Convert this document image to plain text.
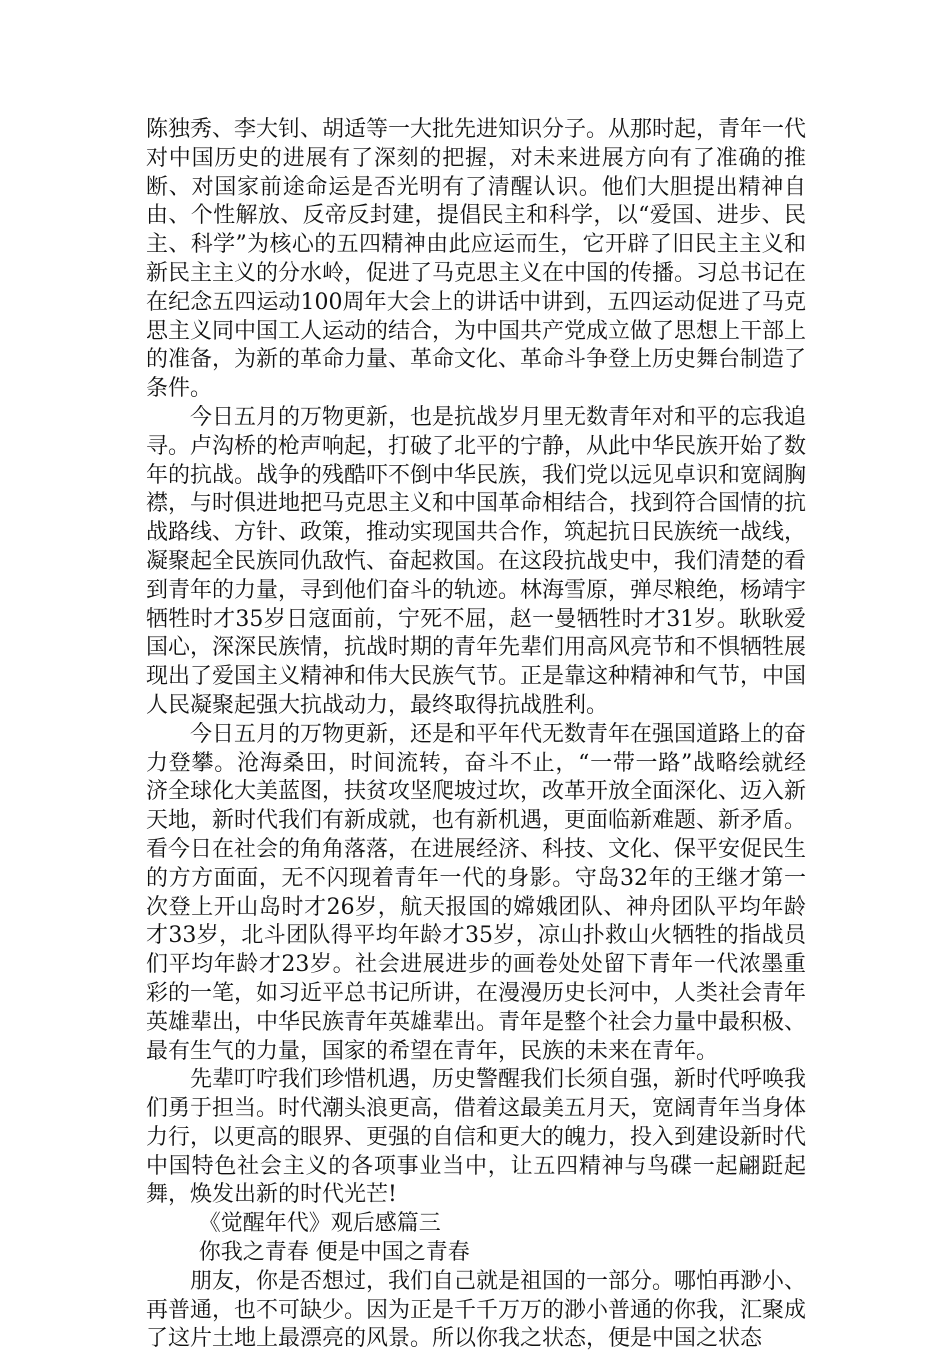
陈独秀、李大钊、胡适等一大批先进知识分子。从那时起，青年一代对中国历史的进展有了深刻的把握，对未来进展方向有了准确的推断、对国家前途命运是否光明有了清醒认识。他们大胆提出精神自由、个性解放、反帝反封建，提倡民主和科学，以“爱国、进步、民主、科学”为核心的五四精神由此应运而生，它开辟了旧民主主义和新民主主义的分水岭，促进了马克思主义在中国的传播。习总书记在在纪念五四运动100周年大会上的讲话中讲到，五四运动促进了马克思主义同中国工人运动的结合，为中国共产党成立做了思想上干部上的准备，为新的革命力量、革命文化、革命斗争登上历史舞台制造了条件。

今日五月的万物更新，也是抗战岁月里无数青年对和平的忘我追寻。卢沟桥的枪声响起，打破了北平的宁静，从此中华民族开始了数年的抗战。战争的残酷吓不倒中华民族，我们党以远见卓识和宽阔胸襟，与时俱进地把马克思主义和中国革命相结合，找到符合国情的抗战路线、方针、政策，推动实现国共合作，筑起抗日民族统一战线，凝聚起全民族同仇敌忾、奋起救国。在这段抗战史中，我们清楚的看到青年的力量，寻到他们奋斗的轨迹。林海雪原，弹尽粮绝，杨靖宇牺牲时才35岁日寇面前，宁死不屈，赵一曼牺牲时才31岁。耿耿爱国心，深深民族情，抗战时期的青年先辈们用高风亮节和不惧牺牲展现出了爱国主义精神和伟大民族气节。正是靠这种精神和气节，中国人民凝聚起强大抗战动力，最终取得抗战胜利。

今日五月的万物更新，还是和平年代无数青年在强国道路上的奋力登攀。沧海桑田，时间流转，奋斗不止，“一带一路”战略绘就经济全球化大美蓝图，扶贫攻坚爬坡过坎，改革开放全面深化、迈入新天地，新时代我们有新成就，也有新机遇，更面临新难题、新矛盾。看今日在社会的角角落落，在进展经济、科技、文化、保平安促民生的方方面面，无不闪现着青年一代的身影。守岛32年的王继才第一次登上开山岛时才26岁，航天报国的嫦娥团队、神舟团队平均年龄才33岁，北斗团队得平均年龄才35岁，凉山扑救山火牺牲的指战员们平均年龄才23岁。社会进展进步的画卷处处留下青年一代浓墨重彩的一笔，如习近平总书记所讲，在漫漫历史长河中，人类社会青年英雄辈出，中华民族青年英雄辈出。青年是整个社会力量中最积极、最有生气的力量，国家的希望在青年，民族的未来在青年。

先辈叮咛我们珍惜机遇，历史警醒我们长须自强，新时代呼唤我们勇于担当。时代潮头浪更高，借着这最美五月天，宽阔青年当身体力行，以更高的眼界、更强的自信和更大的魄力，投入到建设新时代中国特色社会主义的各项事业当中，让五四精神与鸟碟一起翩跹起舞，焕发出新的时代光芒!

《觉醒年代》观后感篇三

你我之青春 便是中国之青春

朋友，你是否想过，我们自己就是祖国的一部分。哪怕再渺小、再普通，也不可缺少。因为正是千千万万的渺小普通的你我，汇聚成了这片土地上最漂亮的风景。所以你我之状态，便是中国之状态
